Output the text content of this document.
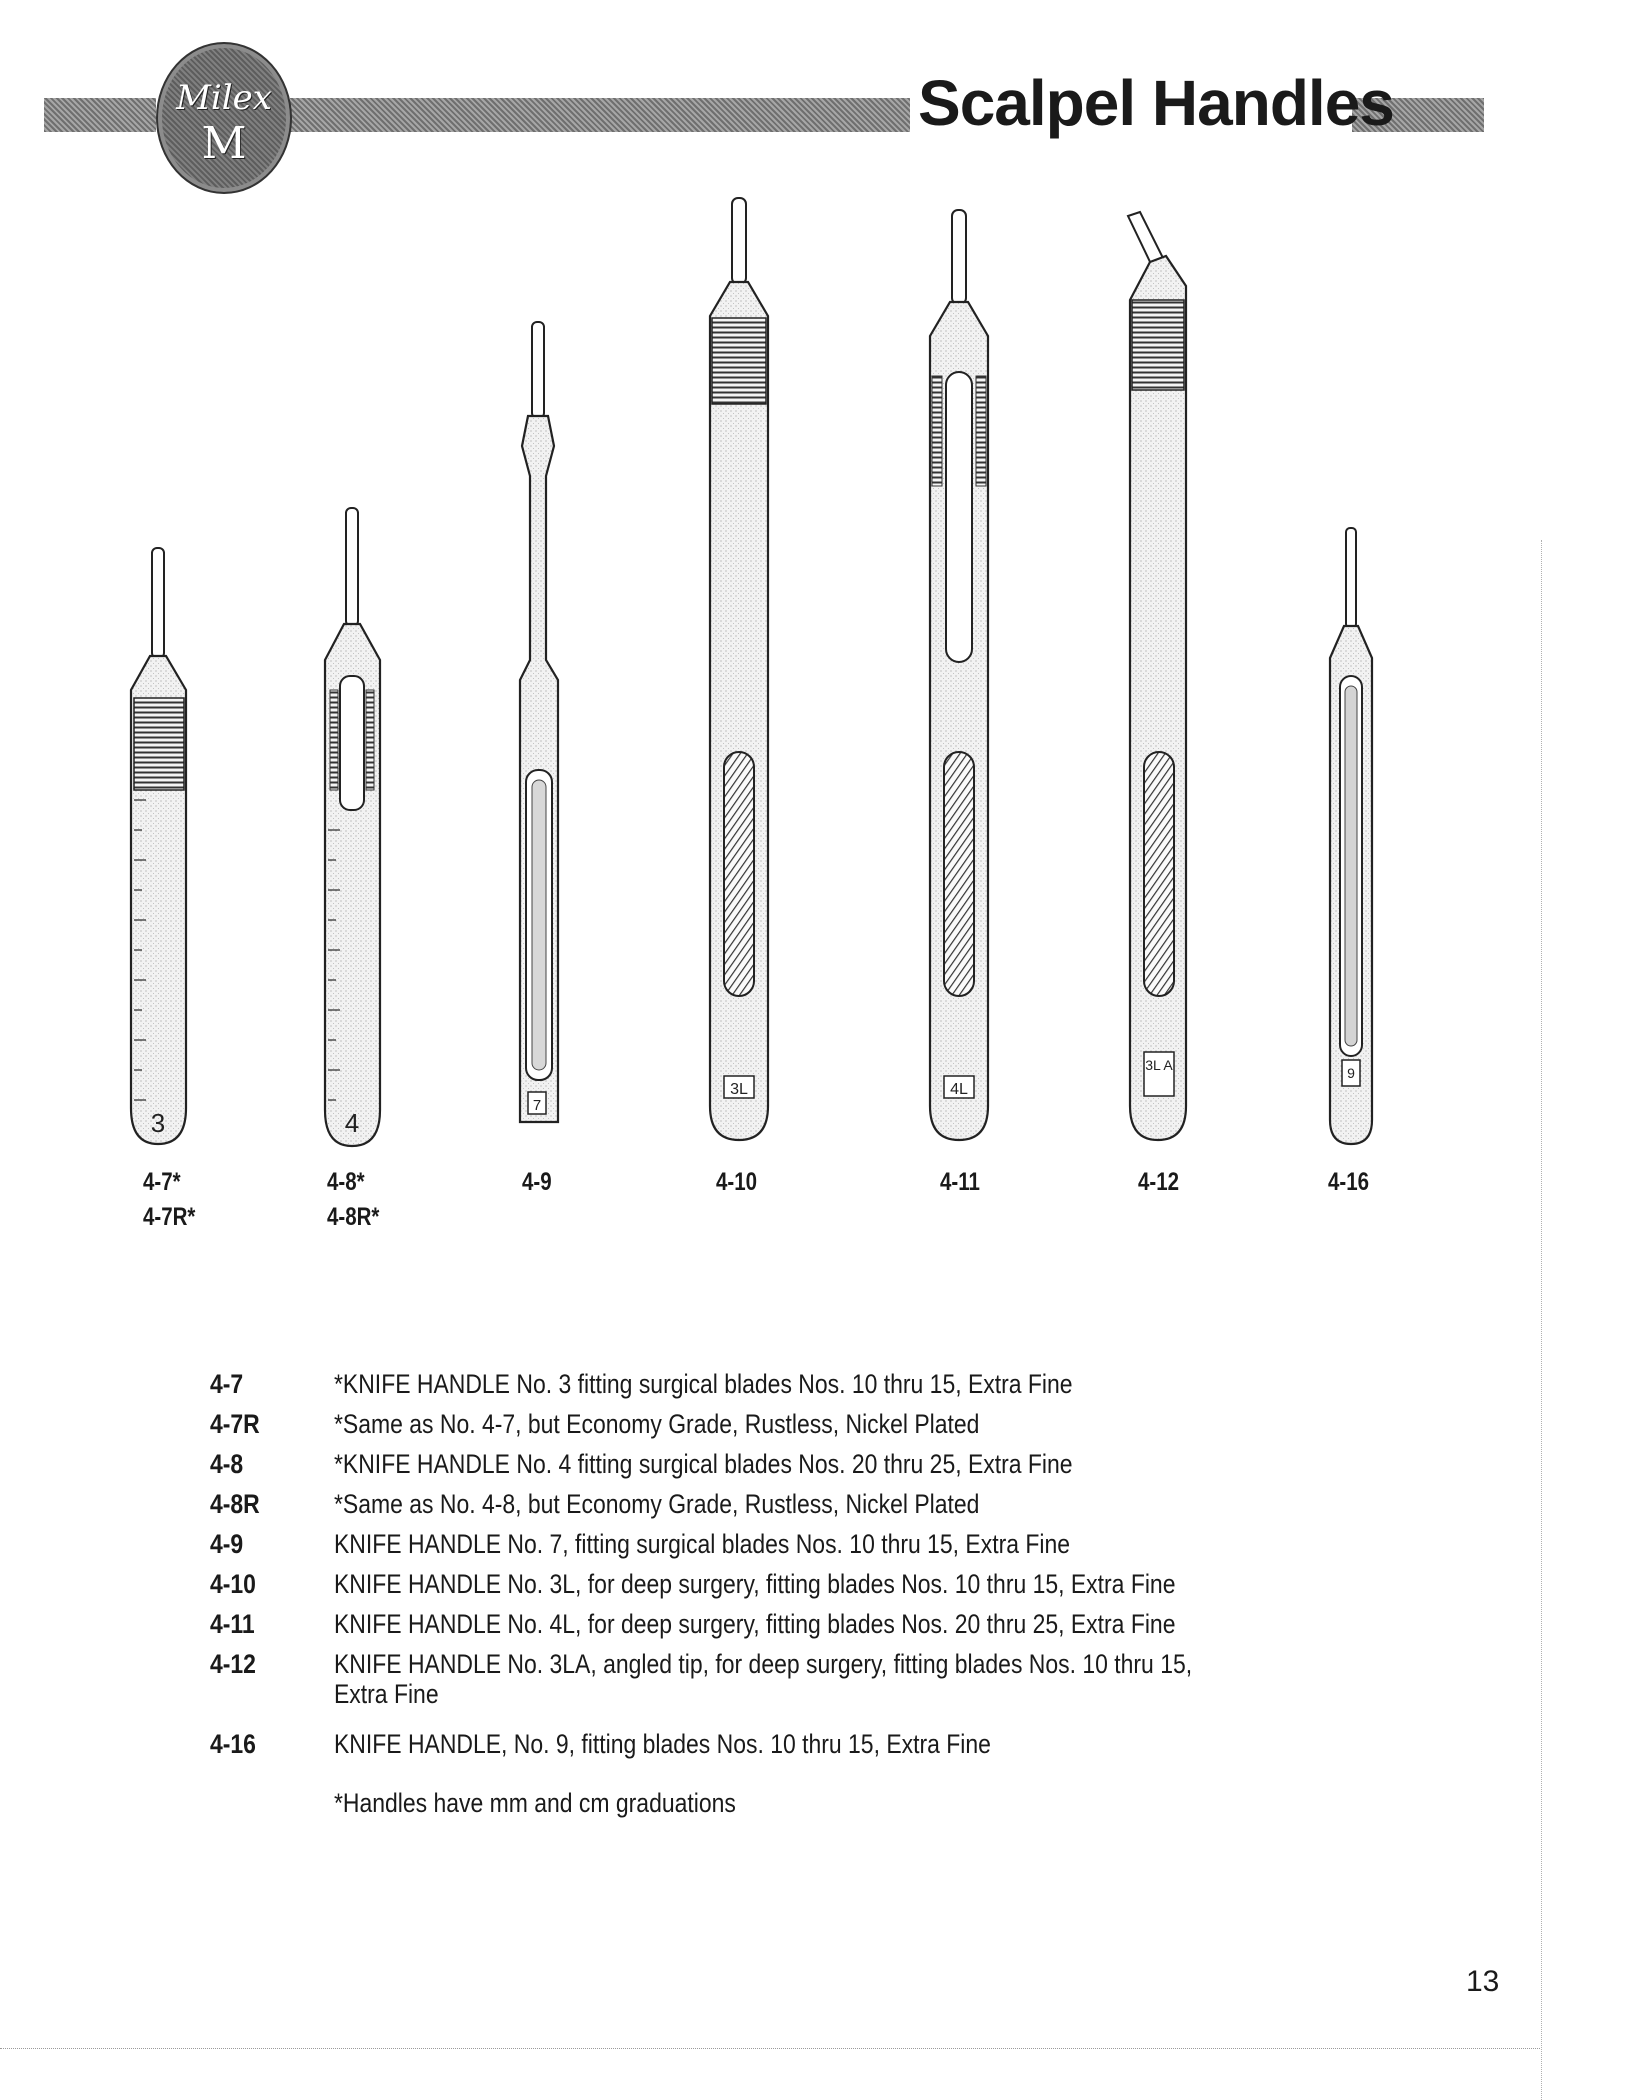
Milex
M
Scalpel Handles
3	4
7
3L	4L
3L A	9
4-7*
4-7R*
4-8*
4-8R*
4-9	4-10	4-11	4-12	4-16
4-7	*KNIFE HANDLE No. 3 fitting surgical blades Nos. 10 thru 15, Extra Fine
4-7R	*Same as No. 4-7, but Economy Grade, Rustless, Nickel Plated
4-8	*KNIFE HANDLE No. 4 fitting surgical blades Nos. 20 thru 25, Extra Fine
4-8R	*Same as No. 4-8, but Economy Grade, Rustless, Nickel Plated
4-9	KNIFE HANDLE No. 7, fitting surgical blades Nos. 10 thru 15, Extra Fine
4-10	KNIFE HANDLE No. 3L, for deep surgery, fitting blades Nos. 10 thru 15, Extra Fine
4-11	KNIFE HANDLE No. 4L, for deep surgery, fitting blades Nos. 20 thru 25, Extra Fine
4-12	KNIFE HANDLE No. 3LA, angled tip, for deep surgery, fitting blades Nos. 10 thru 15, Extra Fine
4-16	KNIFE HANDLE, No. 9, fitting blades Nos. 10 thru 15, Extra Fine
*Handles have mm and cm graduations
13
